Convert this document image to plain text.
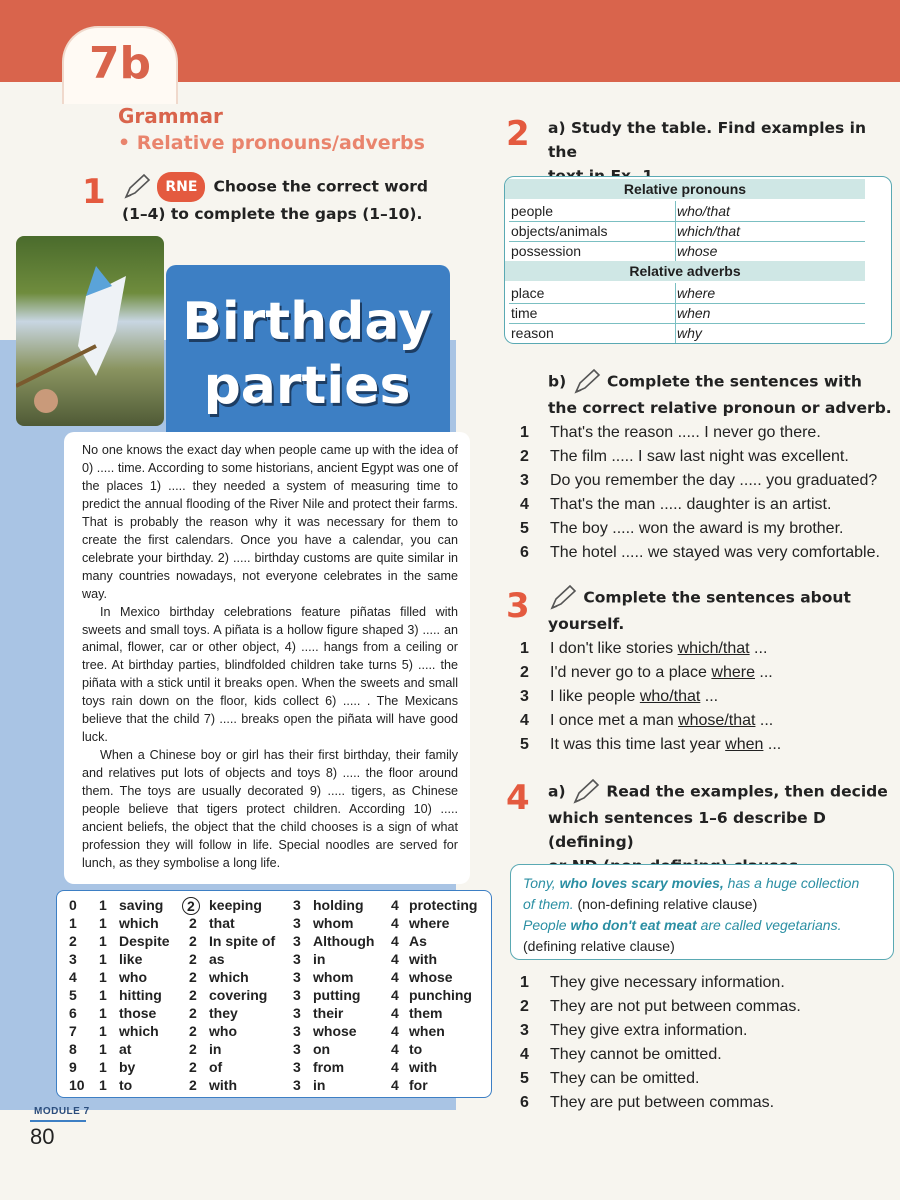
7b
Grammar
• Relative pronouns/adverbs
1	RNE Choose the correct word
(1–4) to complete the gaps (1–10).
Birthday
parties

No one knows the exact day when people came up with the idea of 0) ..... time. According to some historians, ancient Egypt was one of the places 1) ..... they needed a system of measuring time to predict the annual flooding of the River Nile and protect their farms. That is probably the reason why it was necessary for them to create the first calendars. Once you have a calendar, you can celebrate your birthday. 2) ..... birthday customs are quite similar in many countries nowadays, not everyone celebrates in the same way.

In Mexico birthday celebrations feature piñatas filled with sweets and small toys. A piñata is a hollow figure shaped 3) ..... an animal, flower, car or other object, 4) ..... hangs from a ceiling or tree. At birthday parties, blindfolded children take turns 5) ..... the piñata with a stick until it breaks open. When the sweets and small toys rain down on the floor, kids collect 6) ..... . The Mexicans believe that the child 7) ..... breaks open the piñata will have good luck.

When a Chinese boy or girl has their first birthday, their family and relatives put lots of objects and toys 8) ..... the floor around them. The toys are usually decorated 9) ..... tigers, as Chinese people believe that tigers protect children. According 10) ..... ancient beliefs, the object that the child chooses is a sign of what profession they will follow in life. Special noodles are served for lunch, as they symbolise a long life.

0 1 saving	2	keeping 3 holding 4 protecting
1 1 which 2 that	3 whom	4 where
2 1 Despite 2 In spite of 3 Although 4 As
3 1 like	2 as	3 in	4 with
4 1 who	2 which	3 whom	4 whose
5 1 hitting 2 covering 3 putting 4 punching
6 1 those 2 they	3 their	4 them
7 1 which 2 who	3 whose 4 when
8 1 at	2 in	3 on	4 to
9 1 by	2 of	3 from	4 with
10 1 to	2 with	3 in	4 for
MODULE 7
80
2 a) Study the table. Find examples in the

Relative pronouns
people	who/that
objects/animals	which/that
possession	whose
Relative adverbs
place	where
time	when
reason	why
b)	Complete the sentences with
the correct relative pronoun or adverb.
1 That's the reason ..... I never go there.
2 The film ..... I saw last night was excellent.
3 Do you remember the day ..... you graduated?
4 That's the man ..... daughter is an artist.
5 The boy ..... won the award is my brother.
6 The hotel ..... we stayed was very comfortable.
3	Complete the sentences about
yourself.
1 I don't like stories which/that ...
2 I'd never go to a place where ...
3 I like people who/that ...
4 I once met a man whose/that ...
5 It was this time last year when ...
4 a)	Read the examples, then decide
which sentences 1–6 describe D (defining)

Tony, who loves scary movies, has a huge collection
of them. (non-defining relative clause)
People who don't eat meat are called vegetarians.
(defining relative clause)
1 They give necessary information.
2 They are not put between commas.
3 They give extra information.
4 They cannot be omitted.
5 They can be omitted.
6 They are put between commas.
